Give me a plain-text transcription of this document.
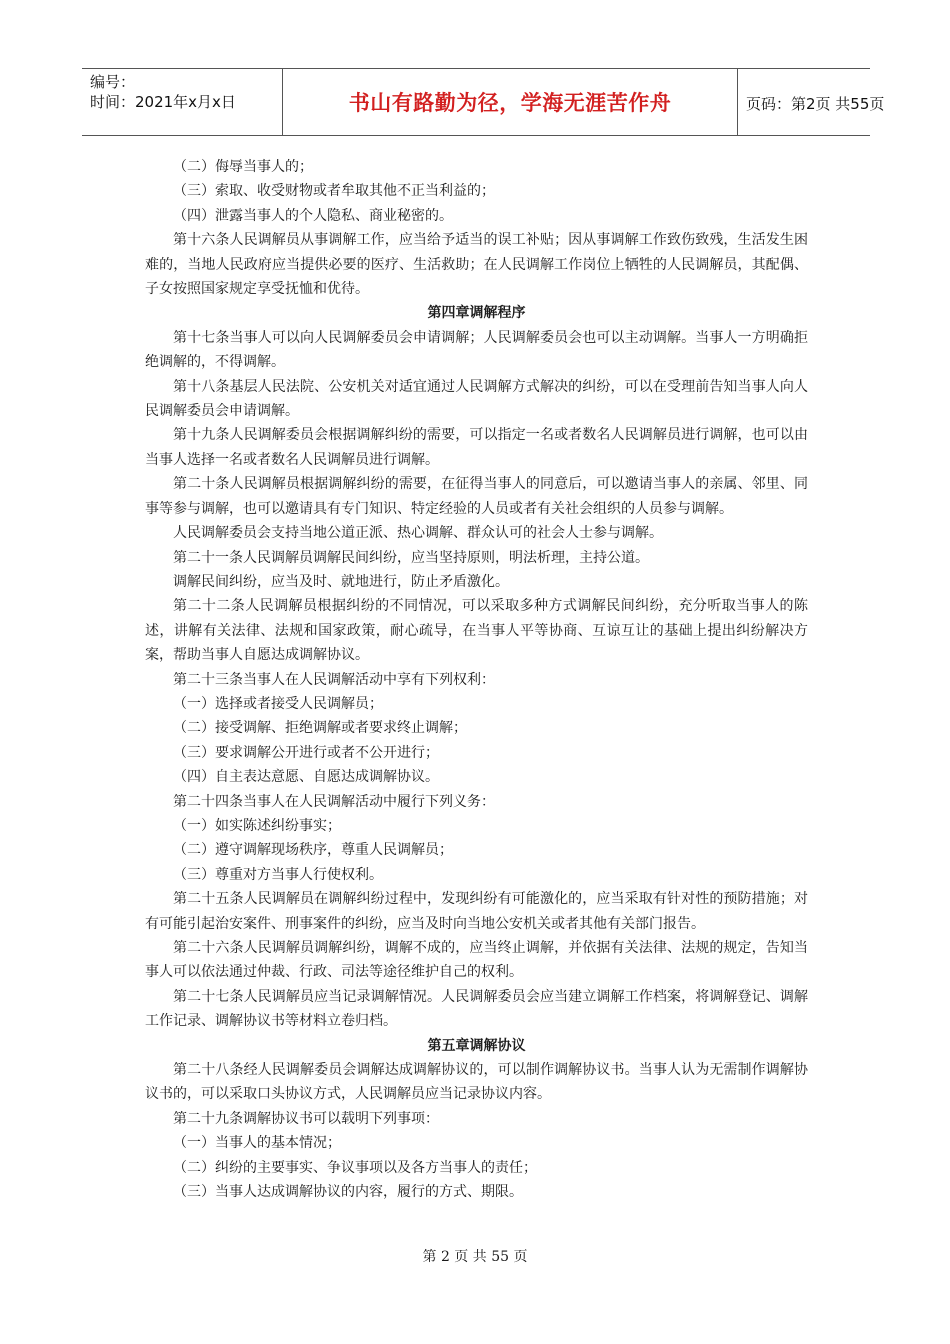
编号：
时间：2021年x月x日	书山有路勤为径，学海无涯苦作舟	页码：第2页 共55页

（二）侮辱当事人的；

（三）索取、收受财物或者牟取其他不正当利益的；

（四）泄露当事人的个人隐私、商业秘密的。

第十六条人民调解员从事调解工作，应当给予适当的误工补贴；因从事调解工作致伤致残，生活发生困难的，当地人民政府应当提供必要的医疗、生活救助；在人民调解工作岗位上牺牲的人民调解员，其配偶、子女按照国家规定享受抚恤和优待。

第四章调解程序

第十七条当事人可以向人民调解委员会申请调解；人民调解委员会也可以主动调解。当事人一方明确拒绝调解的，不得调解。

第十八条基层人民法院、公安机关对适宜通过人民调解方式解决的纠纷，可以在受理前告知当事人向人民调解委员会申请调解。

第十九条人民调解委员会根据调解纠纷的需要，可以指定一名或者数名人民调解员进行调解，也可以由当事人选择一名或者数名人民调解员进行调解。

第二十条人民调解员根据调解纠纷的需要，在征得当事人的同意后，可以邀请当事人的亲属、邻里、同事等参与调解，也可以邀请具有专门知识、特定经验的人员或者有关社会组织的人员参与调解。

人民调解委员会支持当地公道正派、热心调解、群众认可的社会人士参与调解。

第二十一条人民调解员调解民间纠纷，应当坚持原则，明法析理，主持公道。

调解民间纠纷，应当及时、就地进行，防止矛盾激化。

第二十二条人民调解员根据纠纷的不同情况，可以采取多种方式调解民间纠纷，充分听取当事人的陈述，讲解有关法律、法规和国家政策，耐心疏导，在当事人平等协商、互谅互让的基础上提出纠纷解决方案，帮助当事人自愿达成调解协议。

第二十三条当事人在人民调解活动中享有下列权利：

（一）选择或者接受人民调解员；

（二）接受调解、拒绝调解或者要求终止调解；

（三）要求调解公开进行或者不公开进行；

（四）自主表达意愿、自愿达成调解协议。

第二十四条当事人在人民调解活动中履行下列义务：

（一）如实陈述纠纷事实；

（二）遵守调解现场秩序，尊重人民调解员；

（三）尊重对方当事人行使权利。

第二十五条人民调解员在调解纠纷过程中，发现纠纷有可能激化的，应当采取有针对性的预防措施；对有可能引起治安案件、刑事案件的纠纷，应当及时向当地公安机关或者其他有关部门报告。

第二十六条人民调解员调解纠纷，调解不成的，应当终止调解，并依据有关法律、法规的规定，告知当事人可以依法通过仲裁、行政、司法等途径维护自己的权利。

第二十七条人民调解员应当记录调解情况。人民调解委员会应当建立调解工作档案，将调解登记、调解工作记录、调解协议书等材料立卷归档。

第五章调解协议

第二十八条经人民调解委员会调解达成调解协议的，可以制作调解协议书。当事人认为无需制作调解协议书的，可以采取口头协议方式，人民调解员应当记录协议内容。

第二十九条调解协议书可以载明下列事项：

（一）当事人的基本情况；

（二）纠纷的主要事实、争议事项以及各方当事人的责任；

（三）当事人达成调解协议的内容，履行的方式、期限。

第 2 页 共 55 页
